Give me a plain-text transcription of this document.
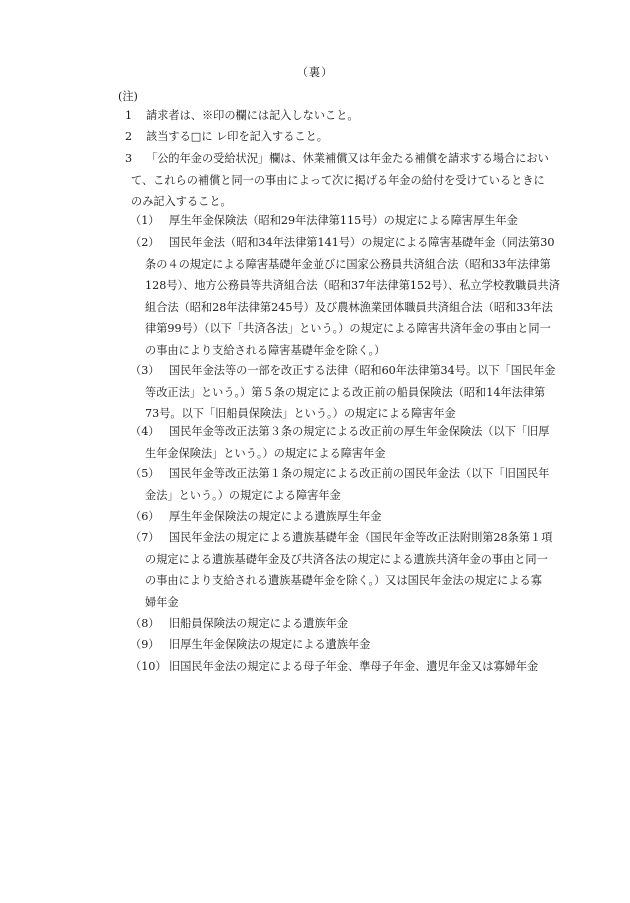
（裏）
(注)
1 請求者は、※印の欄には記入しないこと。
2 該当する□に レ印を記入すること。
3 「公的年金の受給状況」欄は、休業補償又は年金たる補償を請求する場合におい
て、これらの補償と同一の事由によって次に掲げる年金の給付を受けているときに
のみ記入すること。
（1） 厚生年金保険法（昭和29年法律第115号）の規定による障害厚生年金
（2） 国民年金法（昭和34年法律第141号）の規定による障害基礎年金（同法第30
条の４の規定による障害基礎年金並びに国家公務員共済組合法（昭和33年法律第
128号）、地方公務員等共済組合法（昭和37年法律第152号）、私立学校教職員共済
組合法（昭和28年法律第245号）及び農林漁業団体職員共済組合法（昭和33年法
律第99号）（以下「共済各法」という。）の規定による障害共済年金の事由と同一
の事由により支給される障害基礎年金を除く。）
（3） 国民年金法等の一部を改正する法律（昭和60年法律第34号。以下「国民年金
等改正法」という。）第５条の規定による改正前の船員保険法（昭和14年法律第
73号。以下「旧船員保険法」という。）の規定による障害年金
（4） 国民年金等改正法第３条の規定による改正前の厚生年金保険法（以下「旧厚
生年金保険法」という。）の規定による障害年金
（5） 国民年金等改正法第１条の規定による改正前の国民年金法（以下「旧国民年
金法」という。）の規定による障害年金
（6） 厚生年金保険法の規定による遺族厚生年金
（7） 国民年金法の規定による遺族基礎年金（国民年金等改正法附則第28条第１項
の規定による遺族基礎年金及び共済各法の規定による遺族共済年金の事由と同一
の事由により支給される遺族基礎年金を除く。）又は国民年金法の規定による寡
婦年金
（8） 旧船員保険法の規定による遺族年金
（9） 旧厚生年金保険法の規定による遺族年金
（10） 旧国民年金法の規定による母子年金、準母子年金、遺児年金又は寡婦年金
